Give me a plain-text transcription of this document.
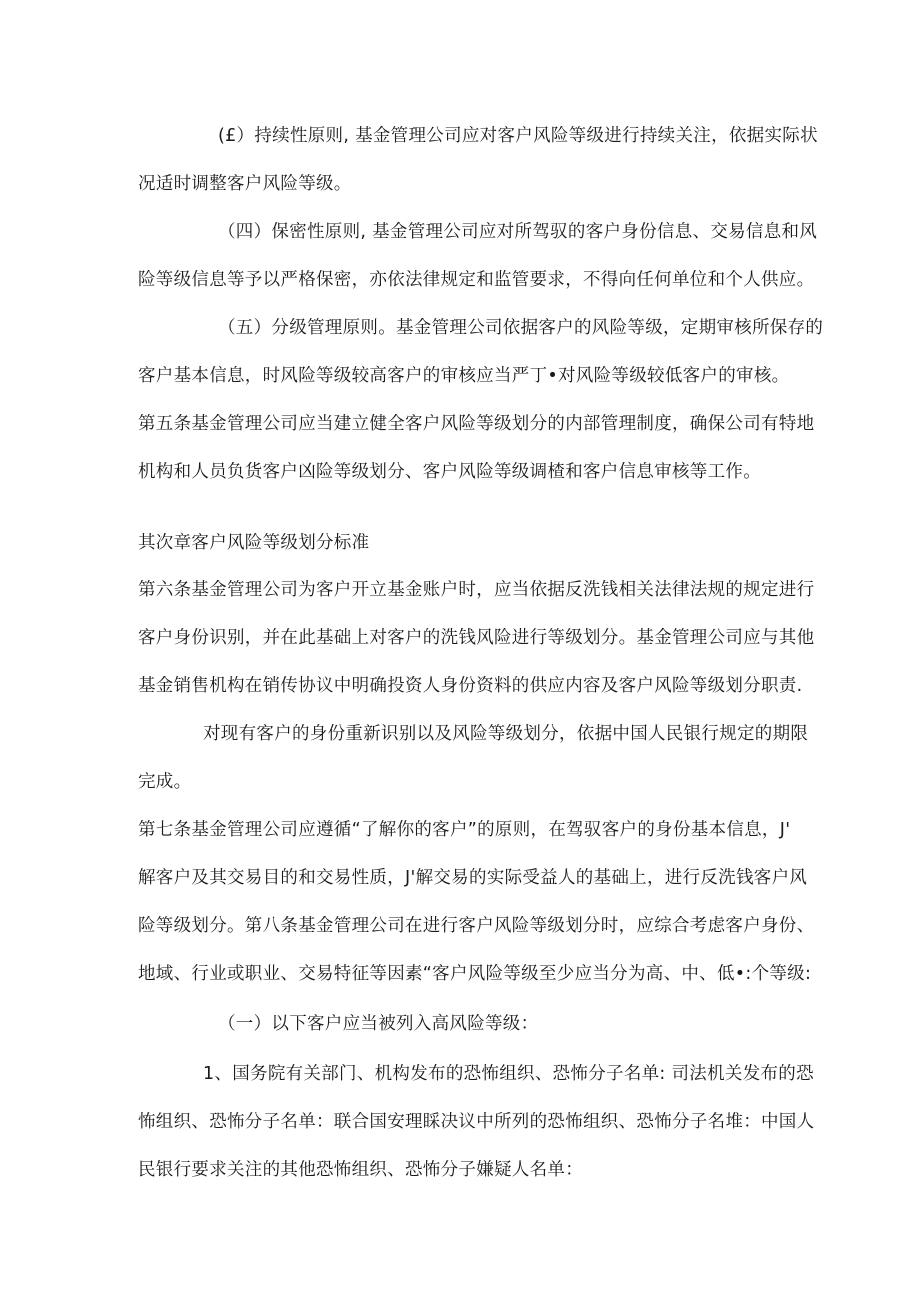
(£）持续性原则, 基金管理公司应对客户风险等级进行持续关注，依据实际状
况适时调整客户风险等级。
（四）保密性原则, 基金管理公司应对所驾驭的客户身份信息、交易信息和风
险等级信息等予以严格保密，亦依法律规定和监管要求，不得向任何单位和个人供应。
（五）分级管理原则。基金管理公司依据客户的风险等级，定期审核所保存的
客户基本信息，时风险等级较高客户的审核应当严丁•对风险等级较低客户的审核。
第五条基金管理公司应当建立健全客户风险等级划分的内部管理制度，确保公司有特地
机构和人员负货客户凶险等级划分、客户风险等级调楂和客户信息审核等工作。
其次章客户风险等级划分标准
第六条基金管理公司为客户开立基金账户时，应当依据反洗钱相关法律法规的规定进行
客户身份识别，并在此基础上对客户的洗钱风险进行等级划分。基金管理公司应与其他
基金销售机构在销传协议中明确投资人身份资料的供应内容及客户风险等级划分职责.
对现有客户的身份重新识别以及风险等级划分，依据中国人民银行规定的期限
完成。
第七条基金管理公司应遵循“了解你的客户”的原则，在驾驭客户的身份基本信息，J'
解客户及其交易目的和交易性质，J'解交易的实际受益人的基础上，进行反洗钱客户风
险等级划分。第八条基金管理公司在进行客户风险等级划分时，应综合考虑客户身份、
地域、行业或职业、交易特征等因素“客户风险等级至少应当分为高、中、低•:个等级:
（一）以下客户应当被列入高风险等级：
1、国务院有关部门、机构发布的恐怖组织、恐怖分子名单: 司法机关发布的恐
怖组织、恐怖分子名单：联合国安理睬决议中所列的恐怖组织、恐怖分子名堆：中国人
民银行要求关注的其他恐怖组织、恐怖分子嫌疑人名单：
